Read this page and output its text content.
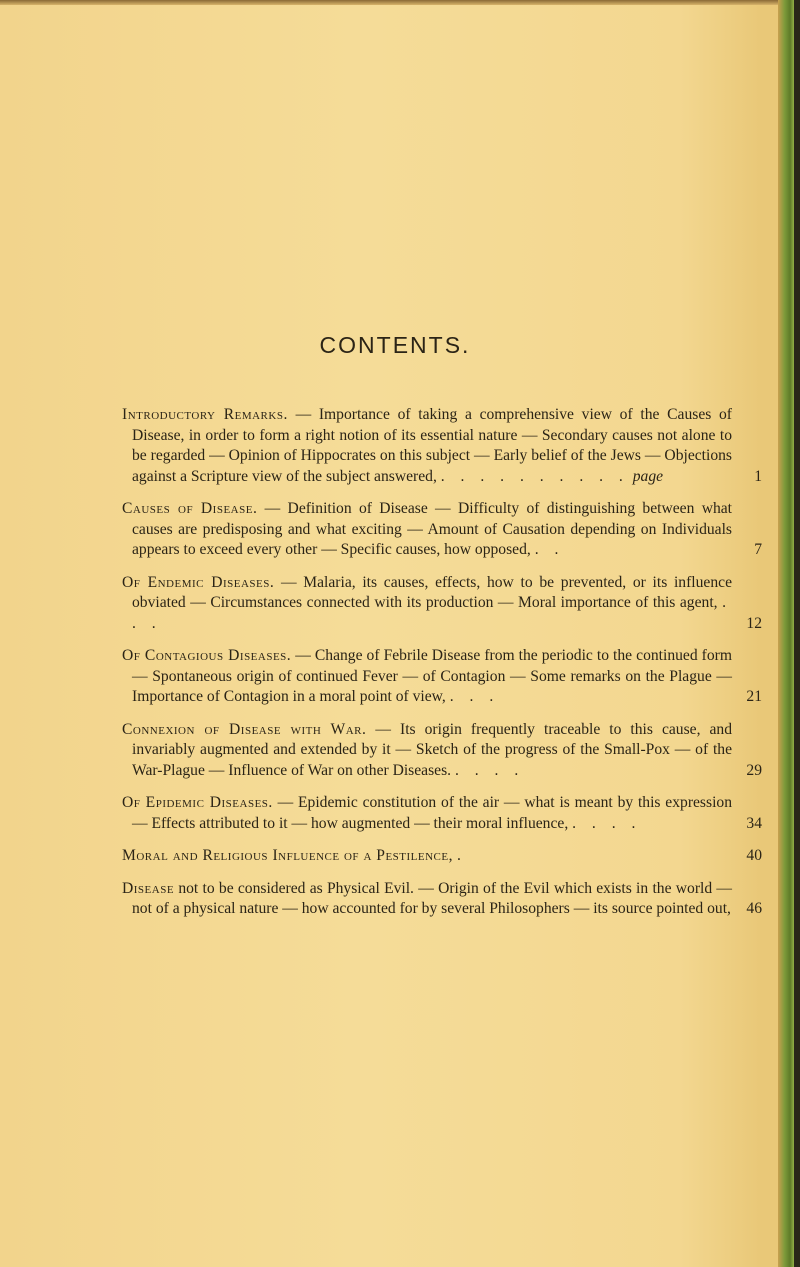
CONTENTS.
Introductory Remarks. — Importance of taking a comprehensive view of the Causes of Disease, in order to form a right notion of its essential nature — Secondary causes not alone to be regarded — Opinion of Hippocrates on this subject — Early belief of the Jews — Objections against a Scripture view of the subject answered, . . . . . . . . . . page	1
Causes of Disease. — Definition of Disease — Difficulty of distinguishing between what causes are predisposing and what exciting — Amount of Causation depending on Individuals appears to exceed every other — Specific causes, how opposed, . .	7
Of Endemic Diseases. — Malaria, its causes, effects, how to be prevented, or its influence obviated — Circumstances connected with its production — Moral importance of this agent, . . .	12
Of Contagious Diseases. — Change of Febrile Disease from the periodic to the continued form — Spontaneous origin of continued Fever — of Contagion — Some remarks on the Plague — Importance of Contagion in a moral point of view, . . .	21
Connexion of Disease with War. — Its origin frequently traceable to this cause, and invariably augmented and extended by it — Sketch of the progress of the Small-Pox — of the War-Plague — Influence of War on other Diseases. . . . .	29
Of Epidemic Diseases. — Epidemic constitution of the air — what is meant by this expression — Effects attributed to it — how augmented — their moral influence, . . . .	34
Moral and Religious Influence of a Pestilence, .	40
Disease not to be considered as Physical Evil. — Origin of the Evil which exists in the world — not of a physical nature — how accounted for by several Philosophers — its source pointed out, 46
